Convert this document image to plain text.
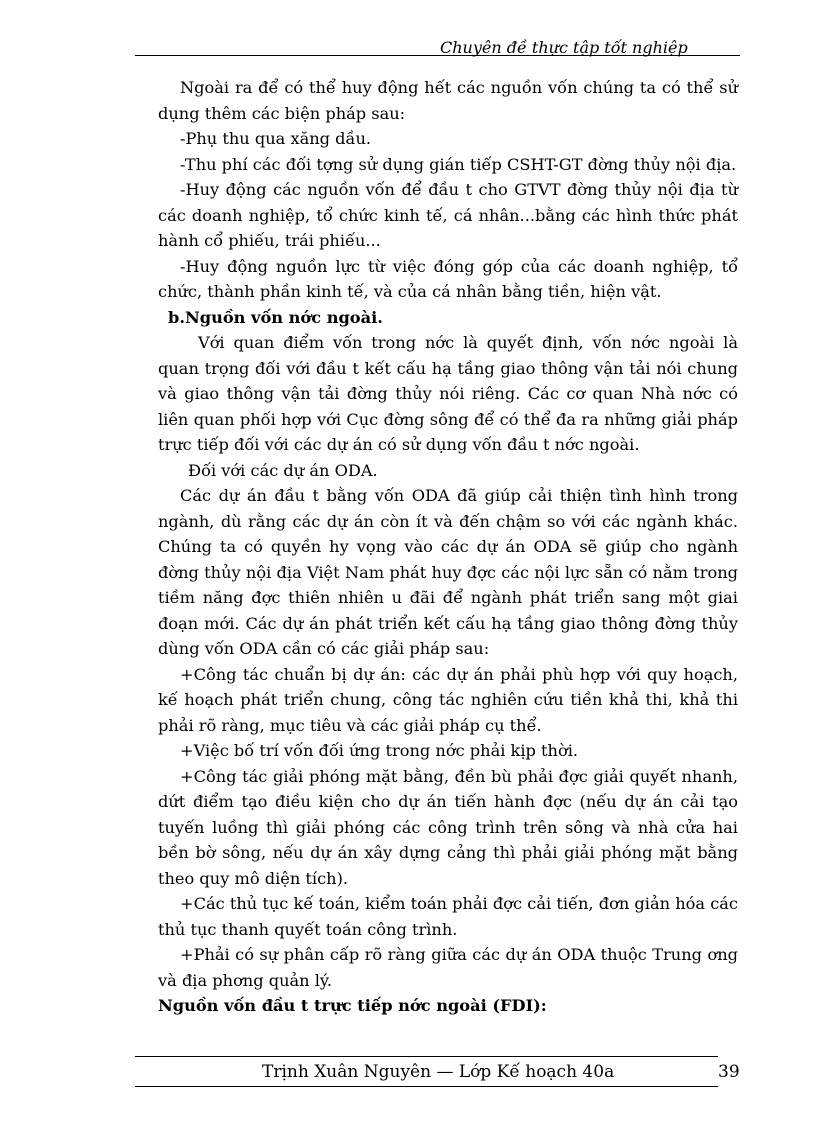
Chuyên đề thực tập tốt nghiệp

Ngoài ra để có thể huy động hết các nguồn vốn chúng ta có thể sử dụng thêm các biện pháp sau:

-Phụ thu qua xăng dầu.

-Thu phí các đối tợng sử dụng gián tiếp CSHT-GT đờng thủy nội địa.

-Huy động các nguồn vốn để đầu t cho GTVT đờng thủy nội địa từ các doanh nghiệp, tổ chức kinh tế, cá nhân...bằng các hình thức phát hành cổ phiếu, trái phiếu...

-Huy động nguồn lực từ việc đóng góp của các doanh nghiệp, tổ chức, thành phần kinh tế, và của cá nhân bằng tiền, hiện vật.

b.Nguồn vốn nớc ngoài.

Với quan điểm vốn trong nớc là quyết định, vốn nớc ngoài là quan trọng đối với đầu t kết cấu hạ tầng giao thông vận tải nói chung và giao thông vận tải đờng thủy nói riêng. Các cơ quan Nhà nớc có liên quan phối hợp với Cục đờng sông để có thể đa ra những giải pháp trực tiếp đối với các dự án có sử dụng vốn đầu t nớc ngoài.

Đối với các dự án ODA.

Các dự án đầu t bằng vốn ODA đã giúp cải thiện tình hình trong ngành, dù rằng các dự án còn ít và đến chậm so với các ngành khác. Chúng ta có quyền hy vọng vào các dự án ODA sẽ giúp cho ngành đờng thủy nội địa Việt Nam phát huy đợc các nội lực sẵn có nằm trong tiềm năng đợc thiên nhiên u đãi để ngành phát triển sang một giai đoạn mới. Các dự án phát triển kết cấu hạ tầng giao thông đờng thủy dùng vốn ODA cần có các giải pháp sau:

+Công tác chuẩn bị dự án: các dự án phải phù hợp với quy hoạch, kế hoạch phát triển chung, công tác nghiên cứu tiền khả thi, khả thi phải rõ ràng, mục tiêu và các giải pháp cụ thể.

+Việc bố trí vốn đối ứng trong nớc phải kịp thời.

+Công tác giải phóng mặt bằng, đền bù phải đợc giải quyết nhanh, dứt điểm tạo điều kiện cho dự án tiến hành đợc (nếu dự án cải tạo tuyến luồng thì giải phóng các công trình trên sông và nhà cửa hai bền bờ sông, nếu dự án xây dựng cảng thì phải giải phóng mặt bằng theo quy mô diện tích).

+Các thủ tục kế toán, kiểm toán phải đợc cải tiến, đơn giản hóa các thủ tục thanh quyết toán công trình.

+Phải có sự phân cấp rõ ràng giữa các dự án ODA thuộc Trung ơng và địa phơng quản lý.

Nguồn vốn đầu t trực tiếp nớc ngoài (FDI):

Trịnh Xuân Nguyên — Lớp Kế hoạch 40a	39
